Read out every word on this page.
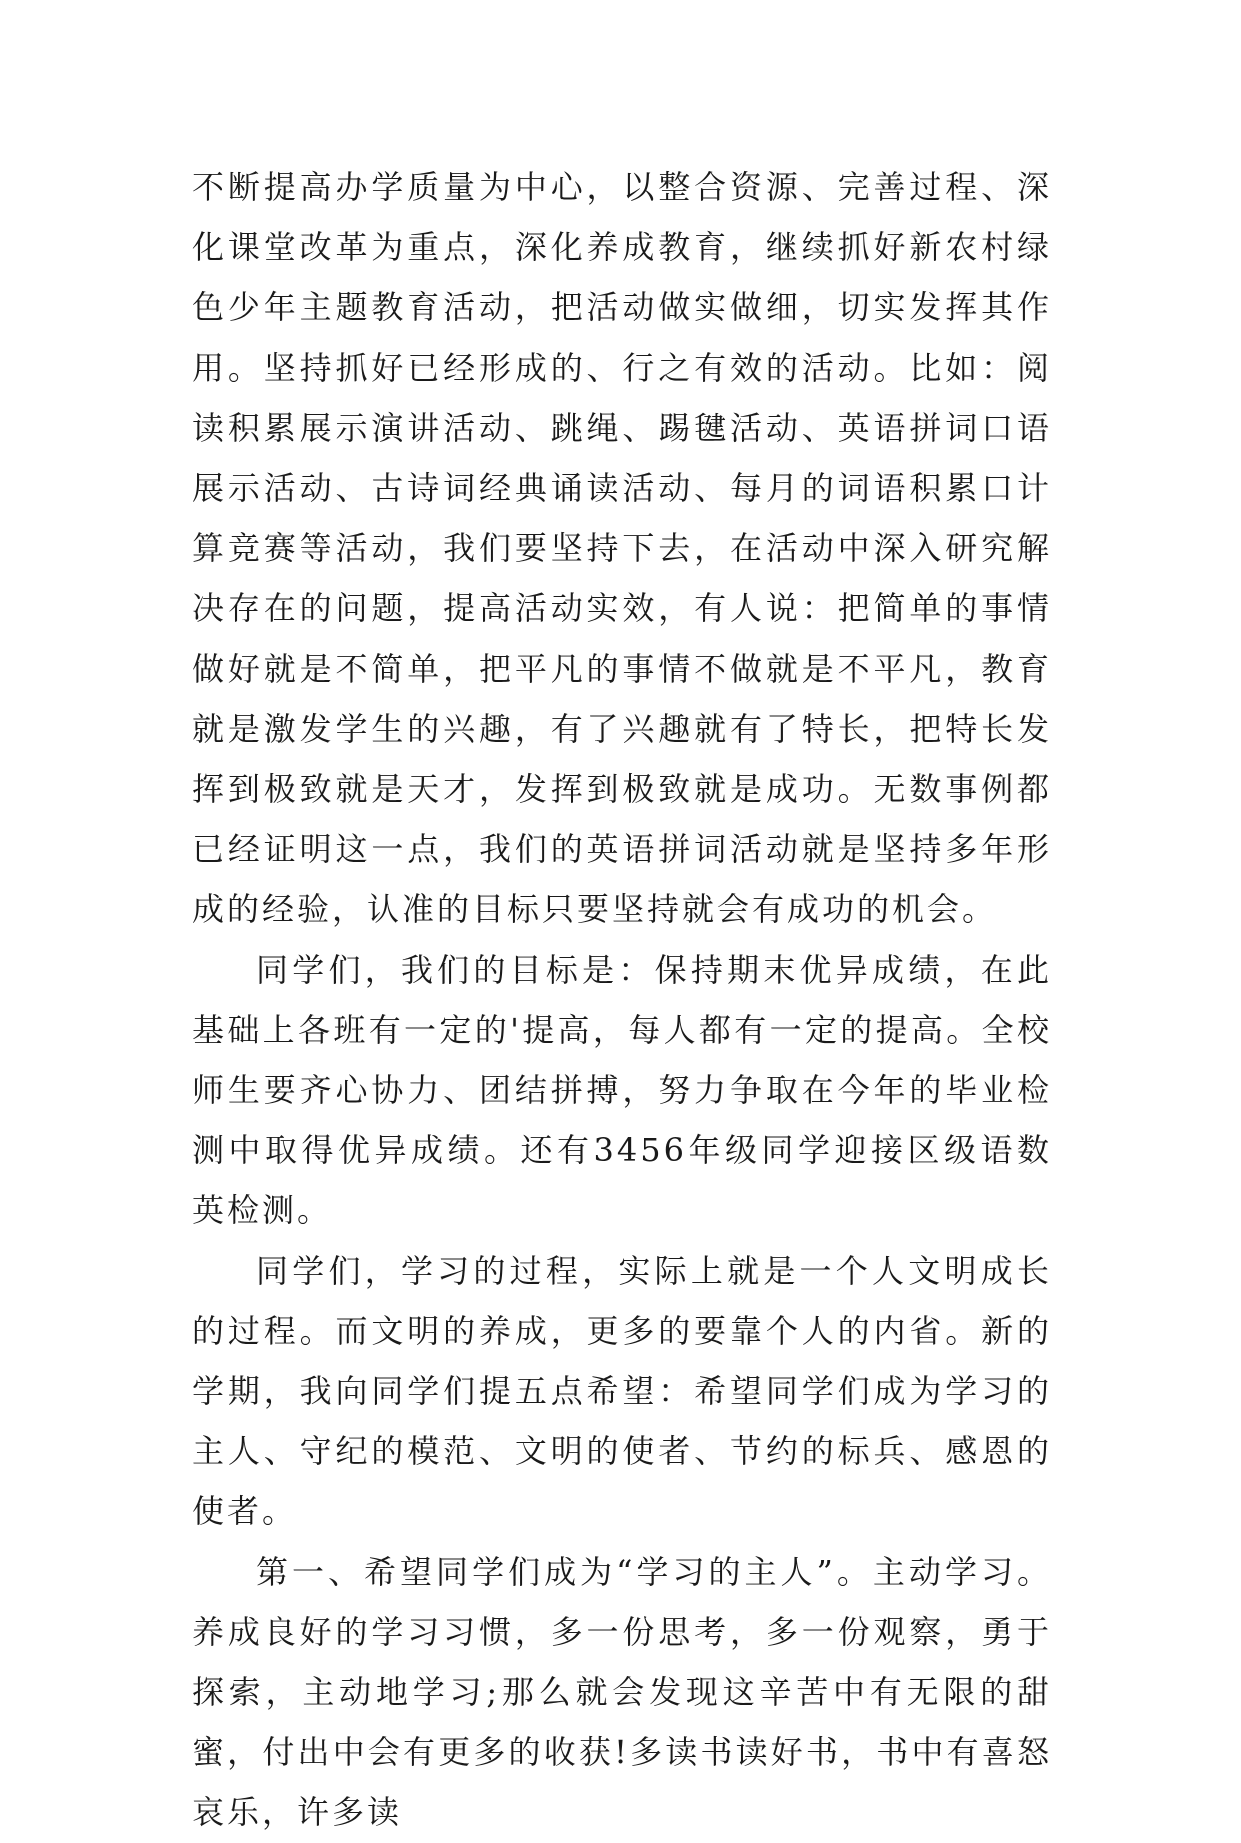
不断提高办学质量为中心，以整合资源、完善过程、深化课堂改革为重点，深化养成教育，继续抓好新农村绿色少年主题教育活动，把活动做实做细，切实发挥其作用。坚持抓好已经形成的、行之有效的活动。比如：阅读积累展示演讲活动、跳绳、踢毽活动、英语拼词口语展示活动、古诗词经典诵读活动、每月的词语积累口计算竞赛等活动，我们要坚持下去，在活动中深入研究解决存在的问题，提高活动实效，有人说：把简单的事情做好就是不简单，把平凡的事情不做就是不平凡，教育就是激发学生的兴趣，有了兴趣就有了特长，把特长发挥到极致就是天才，发挥到极致就是成功。无数事例都已经证明这一点，我们的英语拼词活动就是坚持多年形成的经验，认准的目标只要坚持就会有成功的机会。

同学们，我们的目标是：保持期末优异成绩，在此基础上各班有一定的'提高，每人都有一定的提高。全校师生要齐心协力、团结拼搏，努力争取在今年的毕业检测中取得优异成绩。还有3456年级同学迎接区级语数英检测。

同学们，学习的过程，实际上就是一个人文明成长的过程。而文明的养成，更多的要靠个人的内省。新的学期，我向同学们提五点希望：希望同学们成为学习的主人、守纪的模范、文明的使者、节约的标兵、感恩的使者。

第一、希望同学们成为“学习的主人”。主动学习。养成良好的学习习惯，多一份思考，多一份观察，勇于探索，主动地学习;那么就会发现这辛苦中有无限的甜蜜，付出中会有更多的收获!多读书读好书，书中有喜怒哀乐，许多读
